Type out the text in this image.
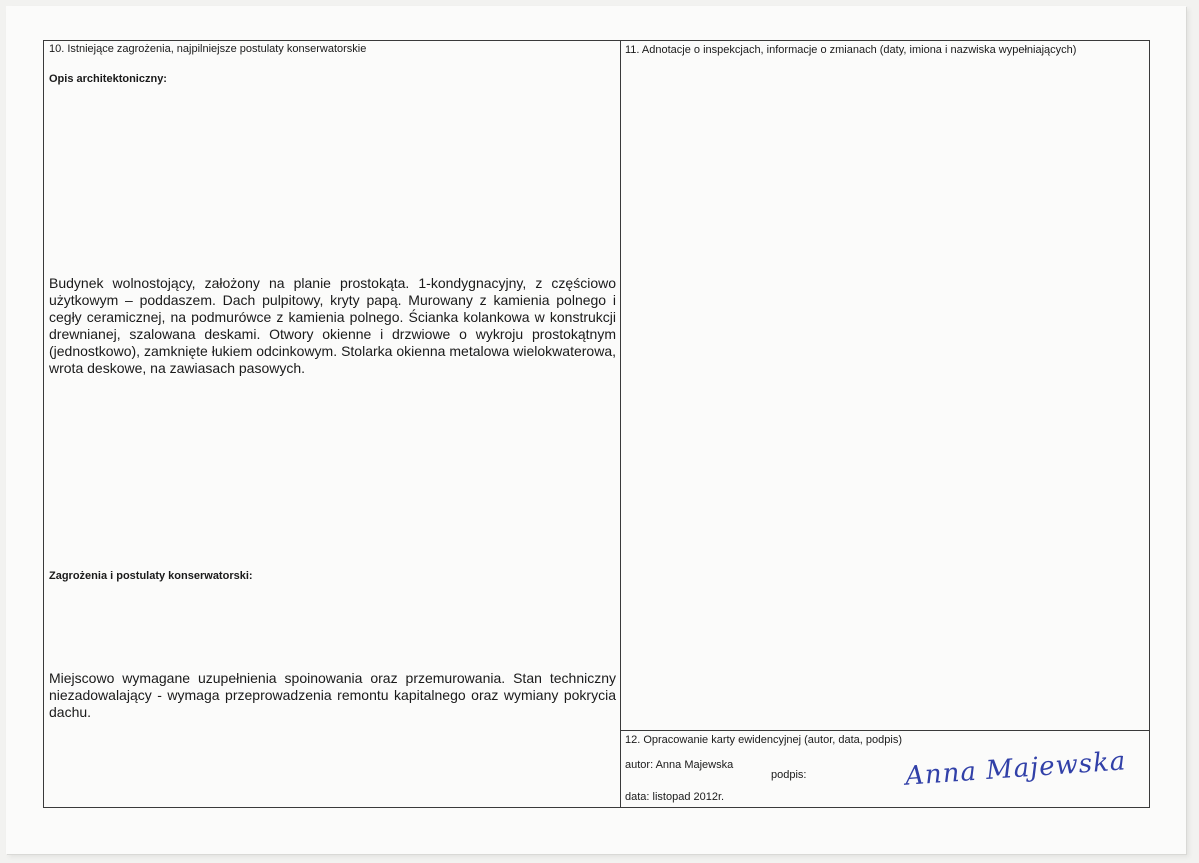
10. Istniejące zagrożenia, najpilniejsze postulaty konserwatorskie
Opis architektoniczny:
Budynek wolnostojący, założony na planie prostokąta. 1-kondygnacyjny, z częściowo użytkowym – poddaszem. Dach pulpitowy, kryty papą. Murowany z kamienia polnego i cegły ceramicznej, na podmurówce z kamienia polnego. Ścianka kolankowa w konstrukcji drewnianej, szalowana deskami. Otwory okienne i drzwiowe o wykroju prostokątnym (jednostkowo), zamknięte łukiem odcinkowym. Stolarka okienna metalowa wielokwaterowa, wrota deskowe, na zawiasach pasowych.
Zagrożenia i postulaty konserwatorski:
Miejscowo wymagane uzupełnienia spoinowania oraz przemurowania. Stan techniczny niezadowalający - wymaga przeprowadzenia remontu kapitalnego oraz wymiany pokrycia dachu.
11. Adnotacje o inspekcjach, informacje o zmianach (daty, imiona i nazwiska wypełniających)
12. Opracowanie karty ewidencyjnej (autor, data, podpis)
autor: Anna Majewska
podpis:
data: listopad 2012r.
Anna Majewska
